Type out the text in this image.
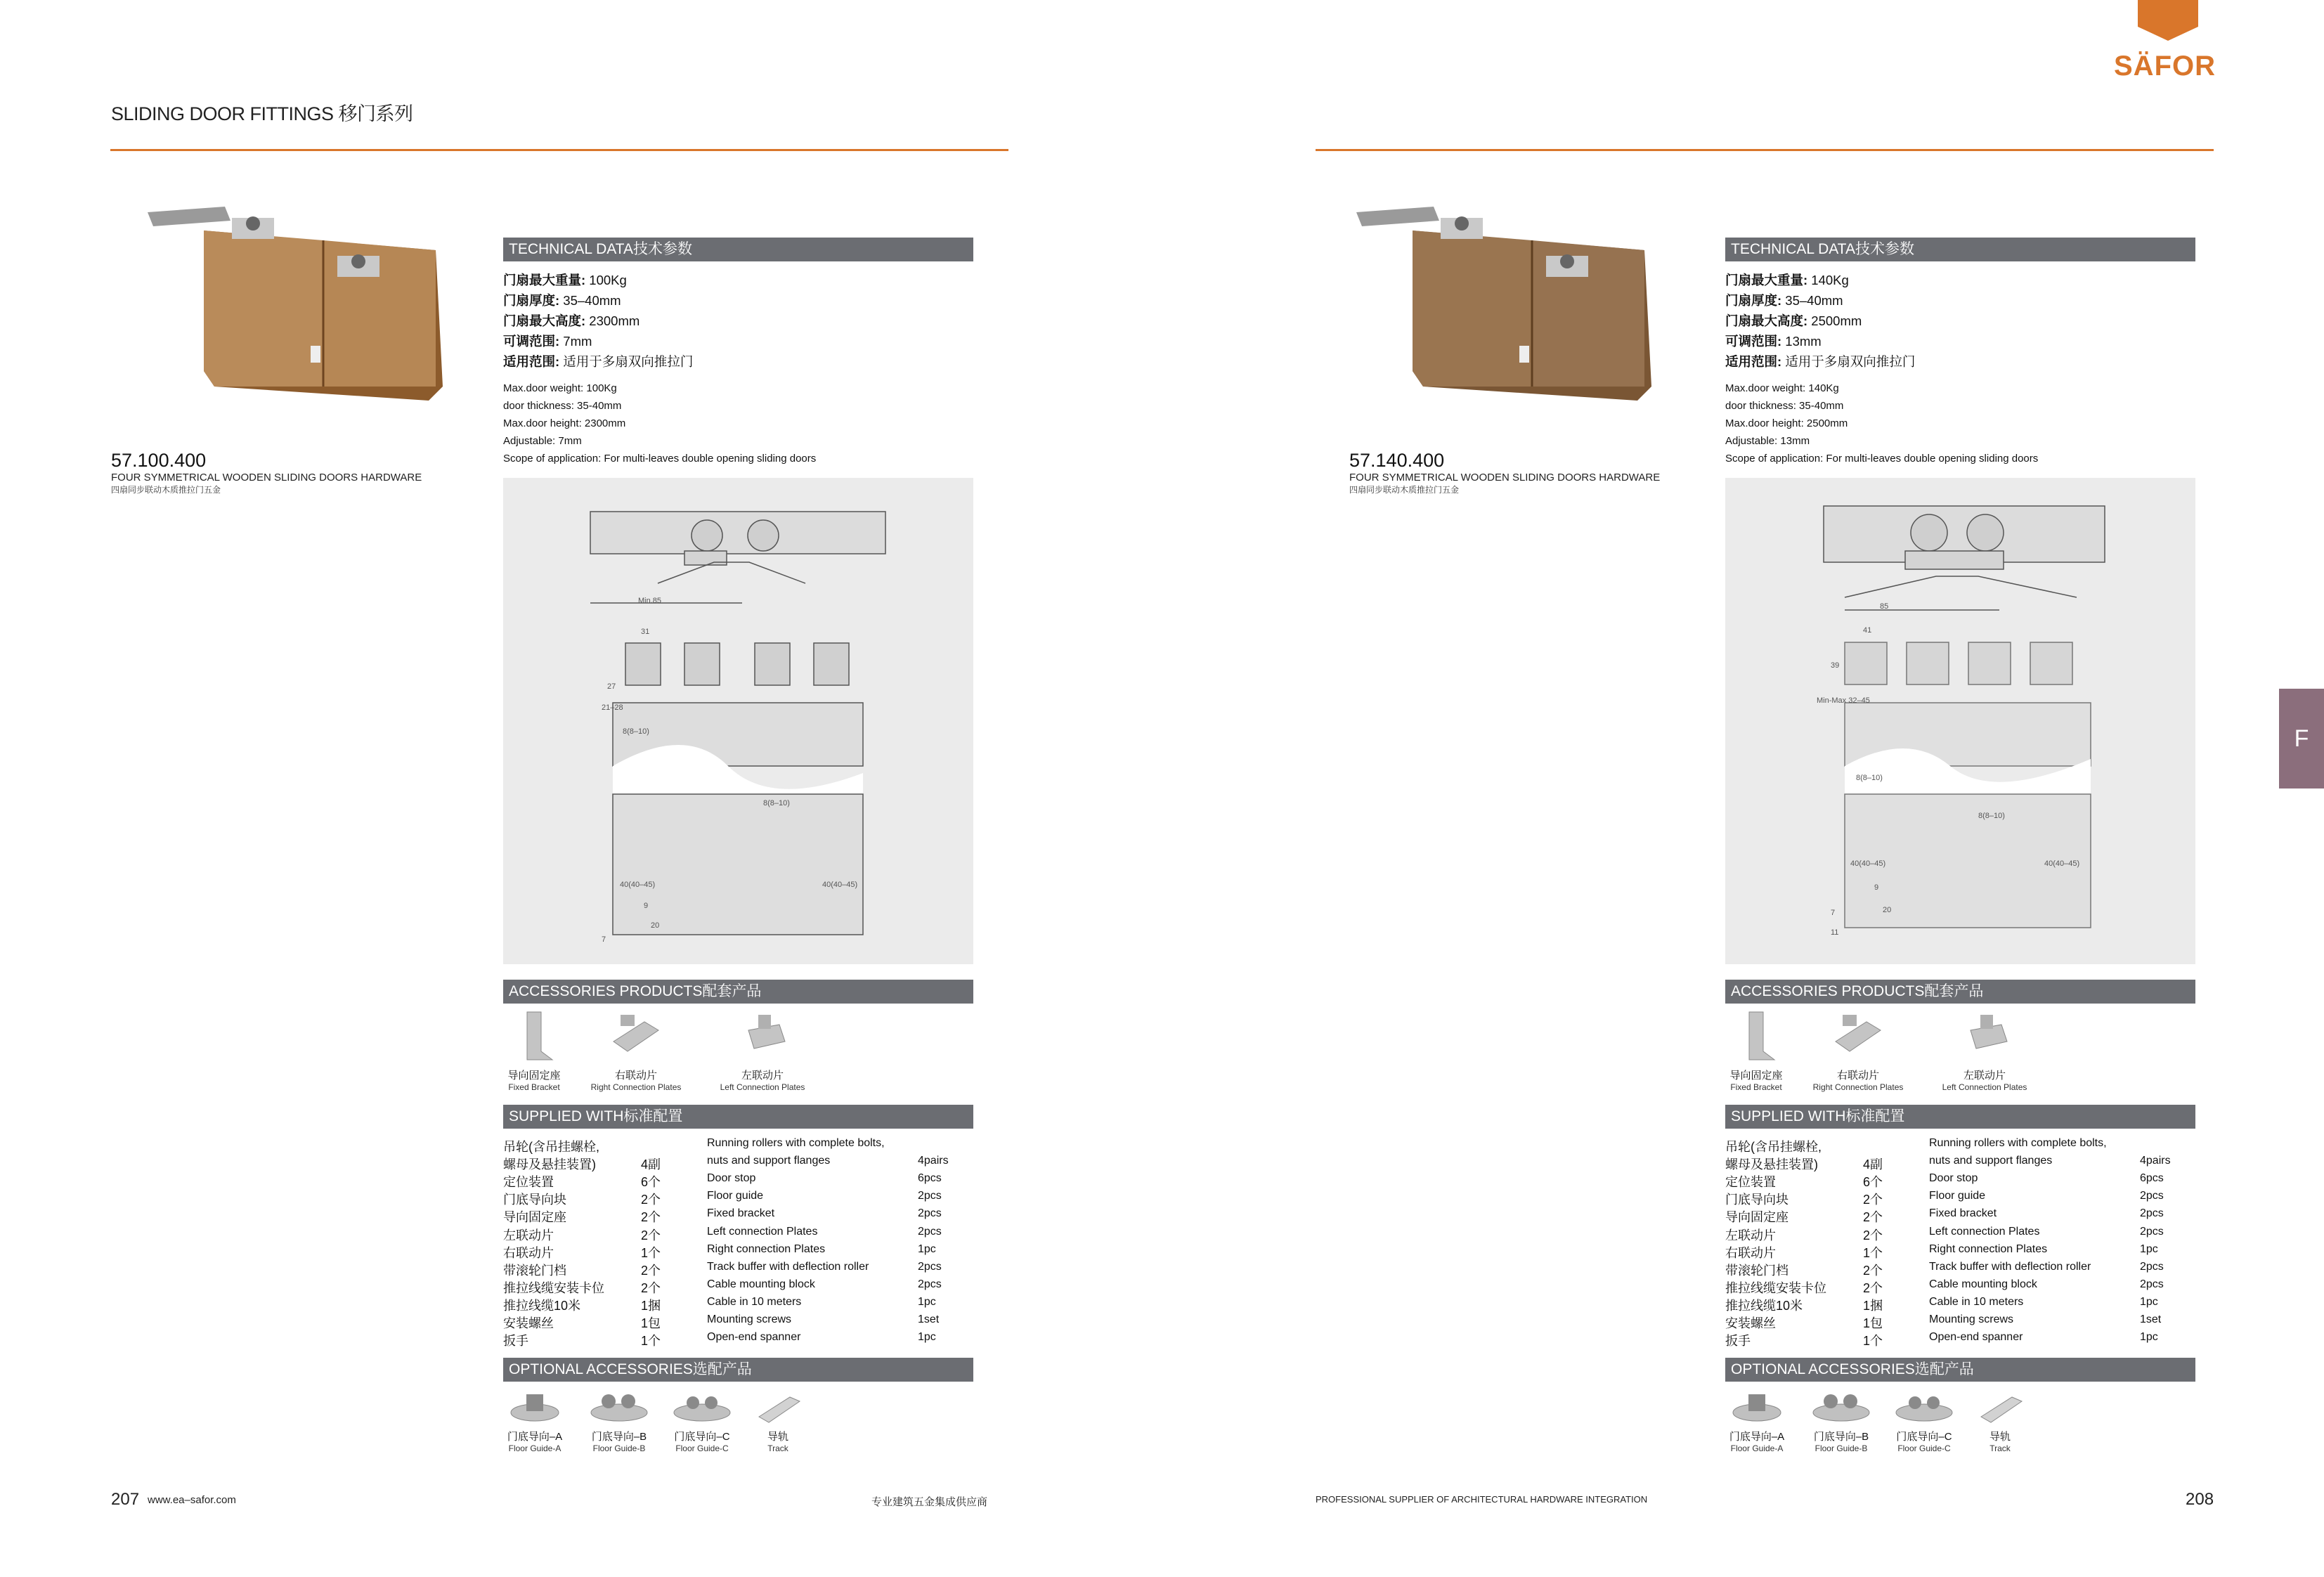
SLIDING DOOR FITTINGS 移门系列
SÄFOR
F
57.100.400
FOUR SYMMETRICAL WOODEN SLIDING DOORS HARDWARE
四扇同步联动木质推拉门五金
TECHNICAL DATA技术参数
门扇最大重量: 100Kg
门扇厚度: 35–40mm
门扇最大高度: 2300mm
可调范围: 7mm
适用范围: 适用于多扇双向推拉门
Max.door weight: 100Kg
door thickness: 35-40mm
Max.door height: 2300mm
Adjustable: 7mm
Scope of application: For multi-leaves double opening sliding doors
Min.85
31
8(8–10)
8(8–10)
40(40–45)	40(40–45)
9
20
7
27
21–28
ACCESSORIES PRODUCTS配套产品
导向固定座
Fixed Bracket
右联动片
Right Connection Plates
左联动片
Left Connection Plates
SUPPLIED WITH标准配置
吊轮(含吊挂螺栓,	Running rollers with complete bolts,
螺母及悬挂装置)	4副	nuts and support flanges	4pairs
定位装置	6个	Door stop	6pcs
门底导向块	2个	Floor guide	2pcs
导向固定座	2个	Fixed bracket	2pcs
左联动片	2个	Left connection Plates	2pcs
右联动片	1个	Right connection Plates	1pc
带滚轮门档	2个	Track buffer with deflection roller	2pcs
推拉线缆安装卡位	2个	Cable mounting block	2pcs
推拉线缆10米	1捆	Cable in 10 meters	1pc
安装螺丝	1包	Mounting screws	1set
扳手	1个	Open-end spanner	1pc
OPTIONAL ACCESSORIES选配产品
门底导向–A
Floor Guide-A
门底导向–B
Floor Guide-B
门底导向–C
Floor Guide-C
导轨
Track
207 www.ea–safor.com	专业建筑五金集成供应商
57.140.400
FOUR SYMMETRICAL WOODEN SLIDING DOORS HARDWARE
四扇同步联动木质推拉门五金
TECHNICAL DATA技术参数
门扇最大重量: 140Kg
门扇厚度: 35–40mm
门扇最大高度: 2500mm
可调范围: 13mm
适用范围: 适用于多扇双向推拉门
Max.door weight: 140Kg
door thickness: 35-40mm
Max.door height: 2500mm
Adjustable: 13mm
Scope of application: For multi-leaves double opening sliding doors
85
41
8(8–10)
8(8–10)
40(40–45)	40(40–45)
9
20
7
11
39
Min-Max 32–45
ACCESSORIES PRODUCTS配套产品
导向固定座
Fixed Bracket
右联动片
Right Connection Plates
左联动片
Left Connection Plates
SUPPLIED WITH标准配置
吊轮(含吊挂螺栓,	Running rollers with complete bolts,
螺母及悬挂装置)	4副	nuts and support flanges	4pairs
定位装置	6个	Door stop	6pcs
门底导向块	2个	Floor guide	2pcs
导向固定座	2个	Fixed bracket	2pcs
左联动片	2个	Left connection Plates	2pcs
右联动片	1个	Right connection Plates	1pc
带滚轮门档	2个	Track buffer with deflection roller	2pcs
推拉线缆安装卡位	2个	Cable mounting block	2pcs
推拉线缆10米	1捆	Cable in 10 meters	1pc
安装螺丝	1包	Mounting screws	1set
扳手	1个	Open-end spanner	1pc
OPTIONAL ACCESSORIES选配产品
门底导向–A
Floor Guide-A
门底导向–B
Floor Guide-B
门底导向–C
Floor Guide-C
导轨
Track
PROFESSIONAL SUPPLIER OF ARCHITECTURAL HARDWARE INTEGRATION	208
